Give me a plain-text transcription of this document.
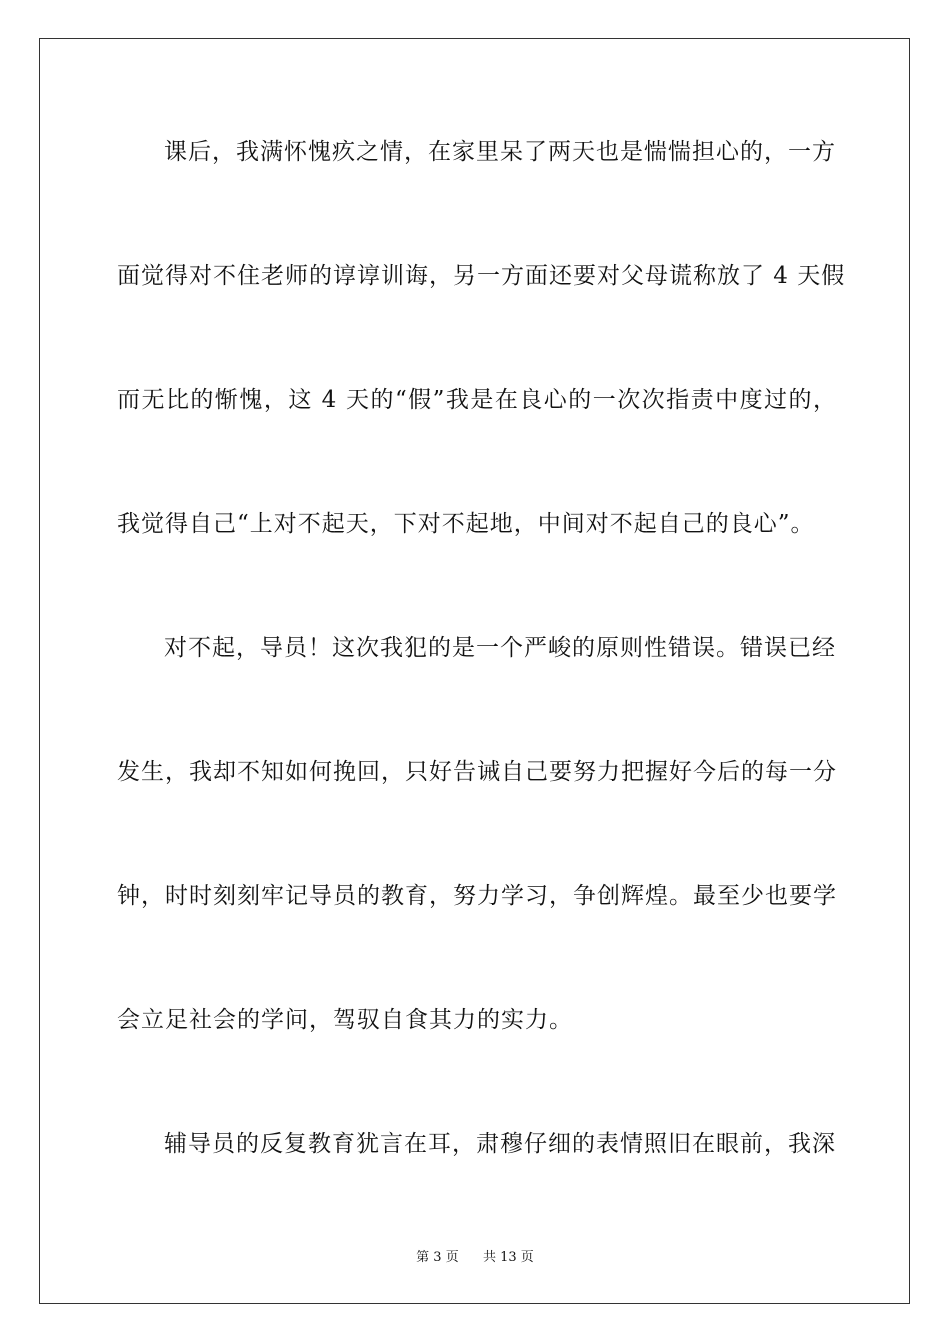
课后，我满怀愧疚之情，在家里呆了两天也是惴惴担心的，一方
面觉得对不住老师的谆谆训诲，另一方面还要对父母谎称放了 4 天假
而无比的惭愧，这 4 天的“假”我是在良心的一次次指责中度过的，
我觉得自己“上对不起天，下对不起地，中间对不起自己的良心”。
对不起，导员！这次我犯的是一个严峻的原则性错误。错误已经
发生，我却不知如何挽回，只好告诫自己要努力把握好今后的每一分
钟，时时刻刻牢记导员的教育，努力学习，争创辉煌。最至少也要学
会立足社会的学问，驾驭自食其力的实力。
辅导员的反复教育犹言在耳，肃穆仔细的表情照旧在眼前，我深
第 3 页 共 13 页
